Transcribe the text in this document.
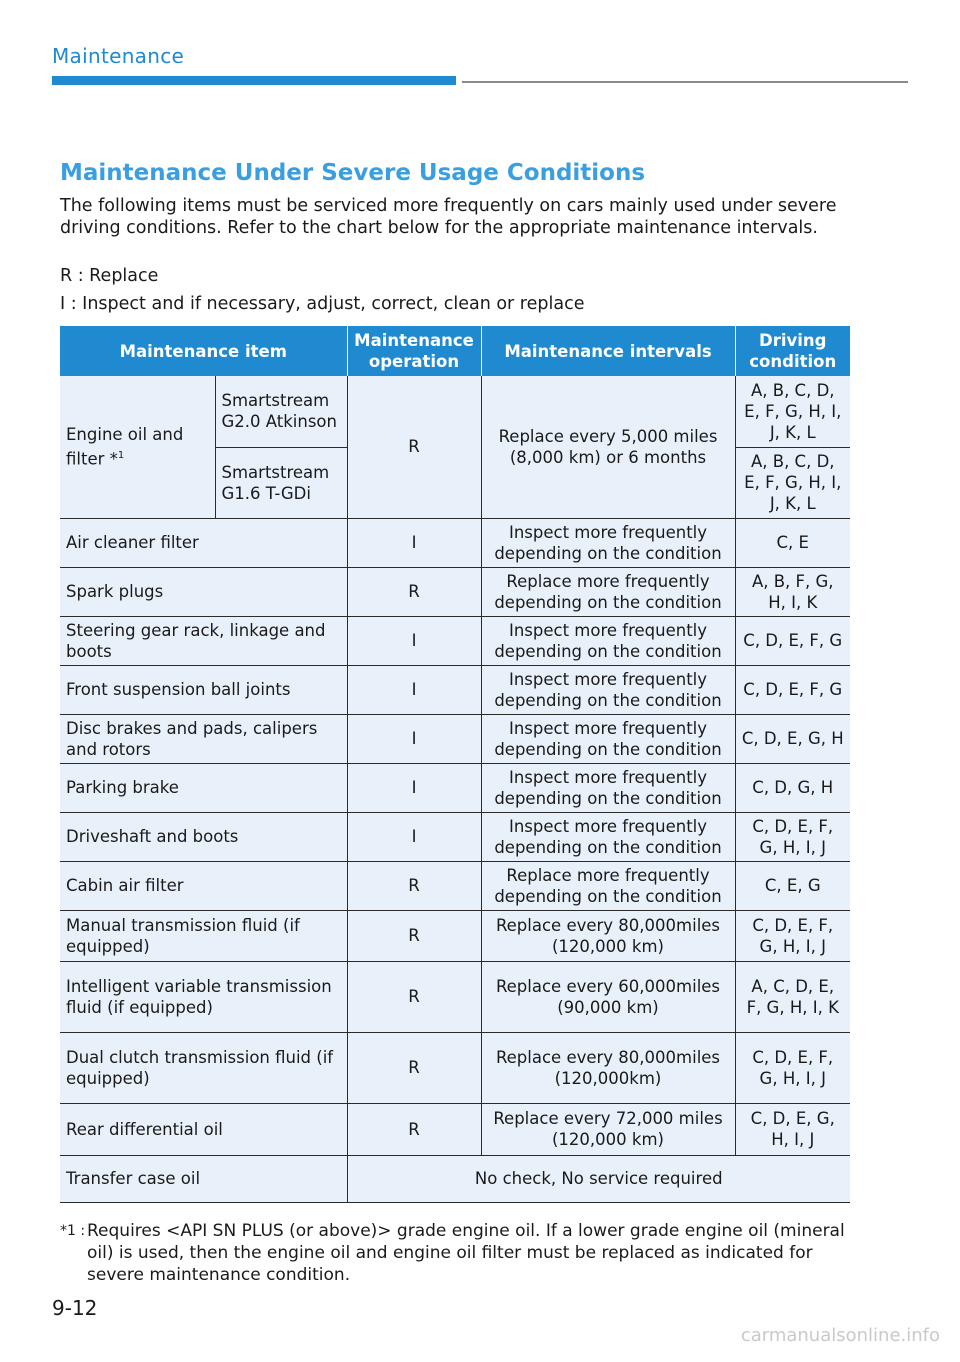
Maintenance
Maintenance Under Severe Usage Conditions
The following items must be serviced more frequently on cars mainly used under severe driving conditions. Refer to the chart below for the appropriate maintenance intervals.
R : Replace
I : Inspect and if necessary, adjust, correct, clean or replace
Maintenance item		Maintenance operation	Maintenance intervals	Driving condition
Engine oil and filter *$^1$	Smartstream G2.0 Atkinson	R	Replace every 5,000 miles (8,000 km) or 6 months	A, B, C, D, E, F, G, H, I, J, K, L
	Smartstream G1.6 T-GDi			A, B, C, D, E, F, G, H, I, J, K, L
Air cleaner filter		I	Inspect more frequently depending on the condition	C, E
Spark plugs		R	Replace more frequently depending on the condition	A, B, F, G, H, I, K
Steering gear rack, linkage and boots		I	Inspect more frequently depending on the condition	C, D, E, F, G
Front suspension ball joints		I	Inspect more frequently depending on the condition	C, D, E, F, G
Disc brakes and pads, calipers and rotors		I	Inspect more frequently depending on the condition	C, D, E, G, H
Parking brake		I	Inspect more frequently depending on the condition	C, D, G, H
Driveshaft and boots		I	Inspect more frequently depending on the condition	C, D, E, F, G, H, I, J
Cabin air filter		R	Replace more frequently depending on the condition	C, E, G
Manual transmission fluid (if equipped)		R	Replace every 80,000miles (120,000 km)	C, D, E, F, G, H, I, J
Intelligent variable transmission fluid (if equipped)		R	Replace every 60,000miles (90,000 km)	A, C, D, E, F, G, H, I, K
Dual clutch transmission fluid (if equipped)		R	Replace every 80,000miles (120,000km)	C, D, E, F, G, H, I, J
Rear differential oil		R	Replace every 72,000 miles (120,000 km)	C, D, E, G, H, I, J
Transfer case oil		No check, No service required		
*1 : Requires <API SN PLUS (or above)> grade engine oil. If a lower grade engine oil (mineral oil) is used, then the engine oil and engine oil filter must be replaced as indicated for severe maintenance condition.
9-12
carmanualsonline.info
